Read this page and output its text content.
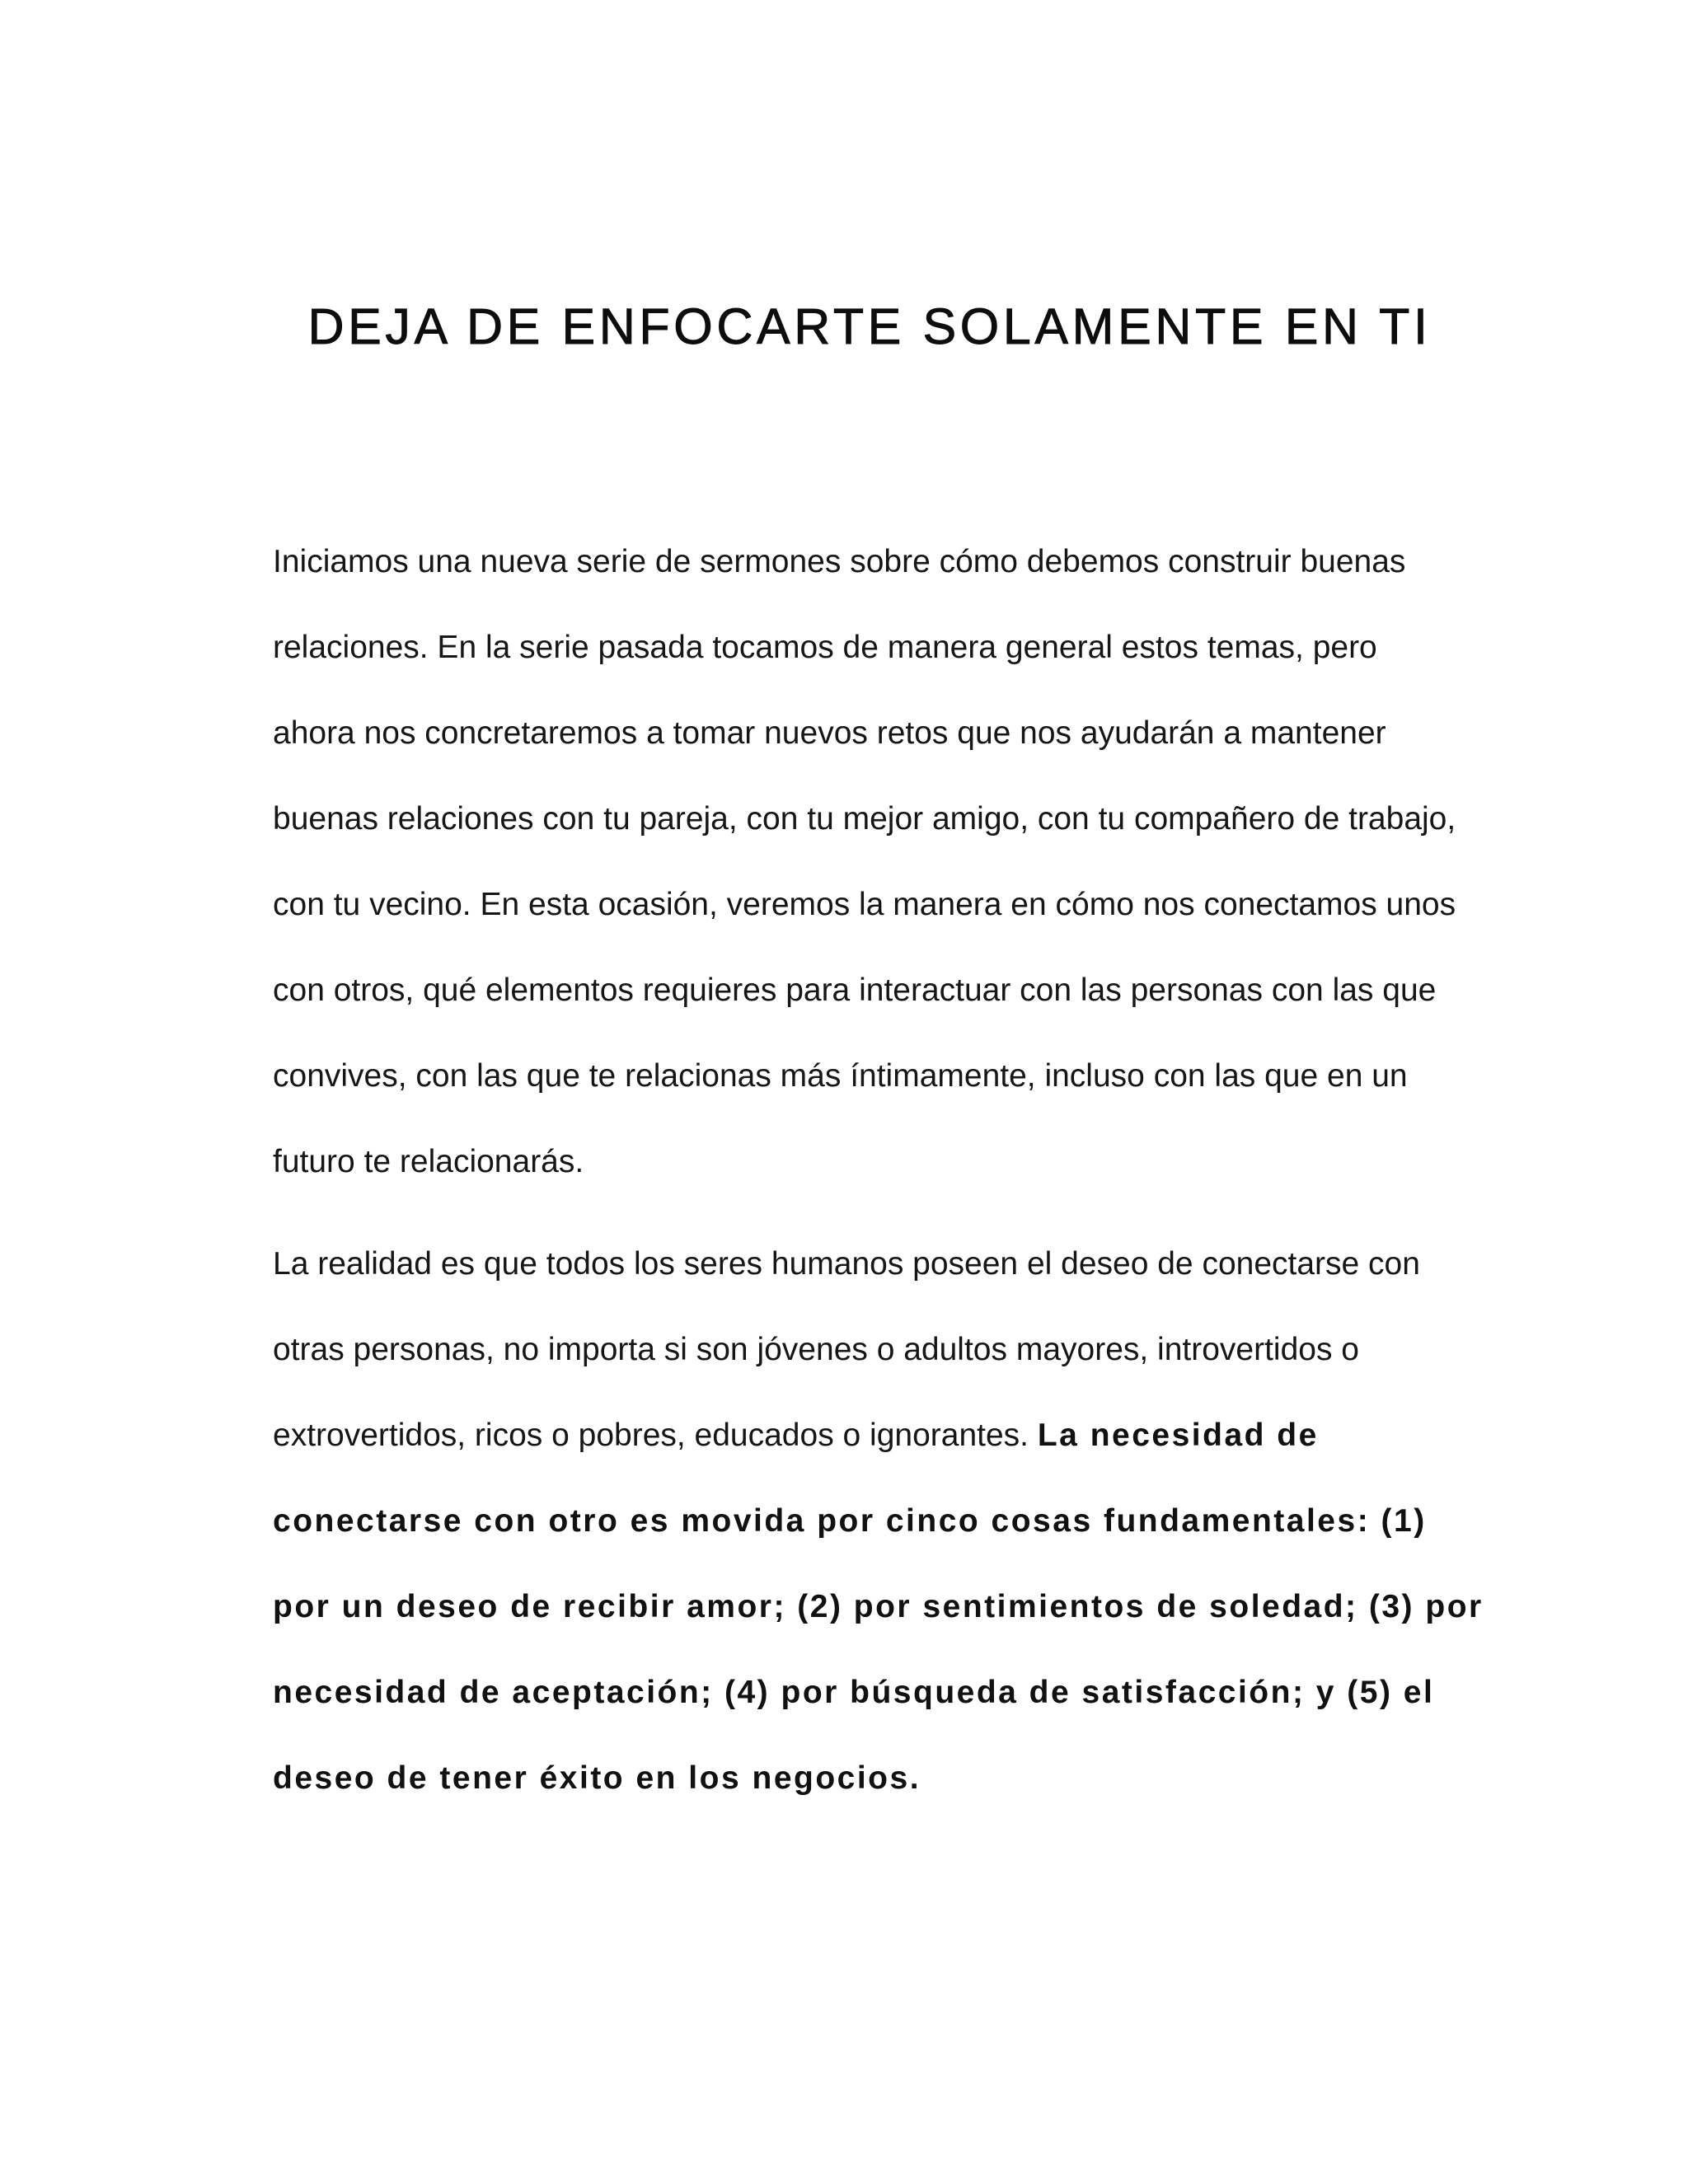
DEJA DE ENFOCARTE SOLAMENTE EN TI

Iniciamos una nueva serie de sermones sobre cómo debemos construir buenas
relaciones. En la serie pasada tocamos de manera general estos temas, pero
ahora nos concretaremos a tomar nuevos retos que nos ayudarán a mantener
buenas relaciones con tu pareja, con tu mejor amigo, con tu compañero de trabajo,
con tu vecino. En esta ocasión, veremos la manera en cómo nos conectamos unos
con otros, qué elementos requieres para interactuar con las personas con las que
convives, con las que te relacionas más íntimamente, incluso con las que en un
futuro te relacionarás.

La realidad es que todos los seres humanos poseen el deseo de conectarse con
otras personas, no importa si son jóvenes o adultos mayores, introvertidos o
extrovertidos, ricos o pobres, educados o ignorantes. La necesidad de
conectarse con otro es movida por cinco cosas fundamentales: (1)
por un deseo de recibir amor; (2) por sentimientos de soledad; (3) por
necesidad de aceptación; (4) por búsqueda de satisfacción; y (5) el
deseo de tener éxito en los negocios.
